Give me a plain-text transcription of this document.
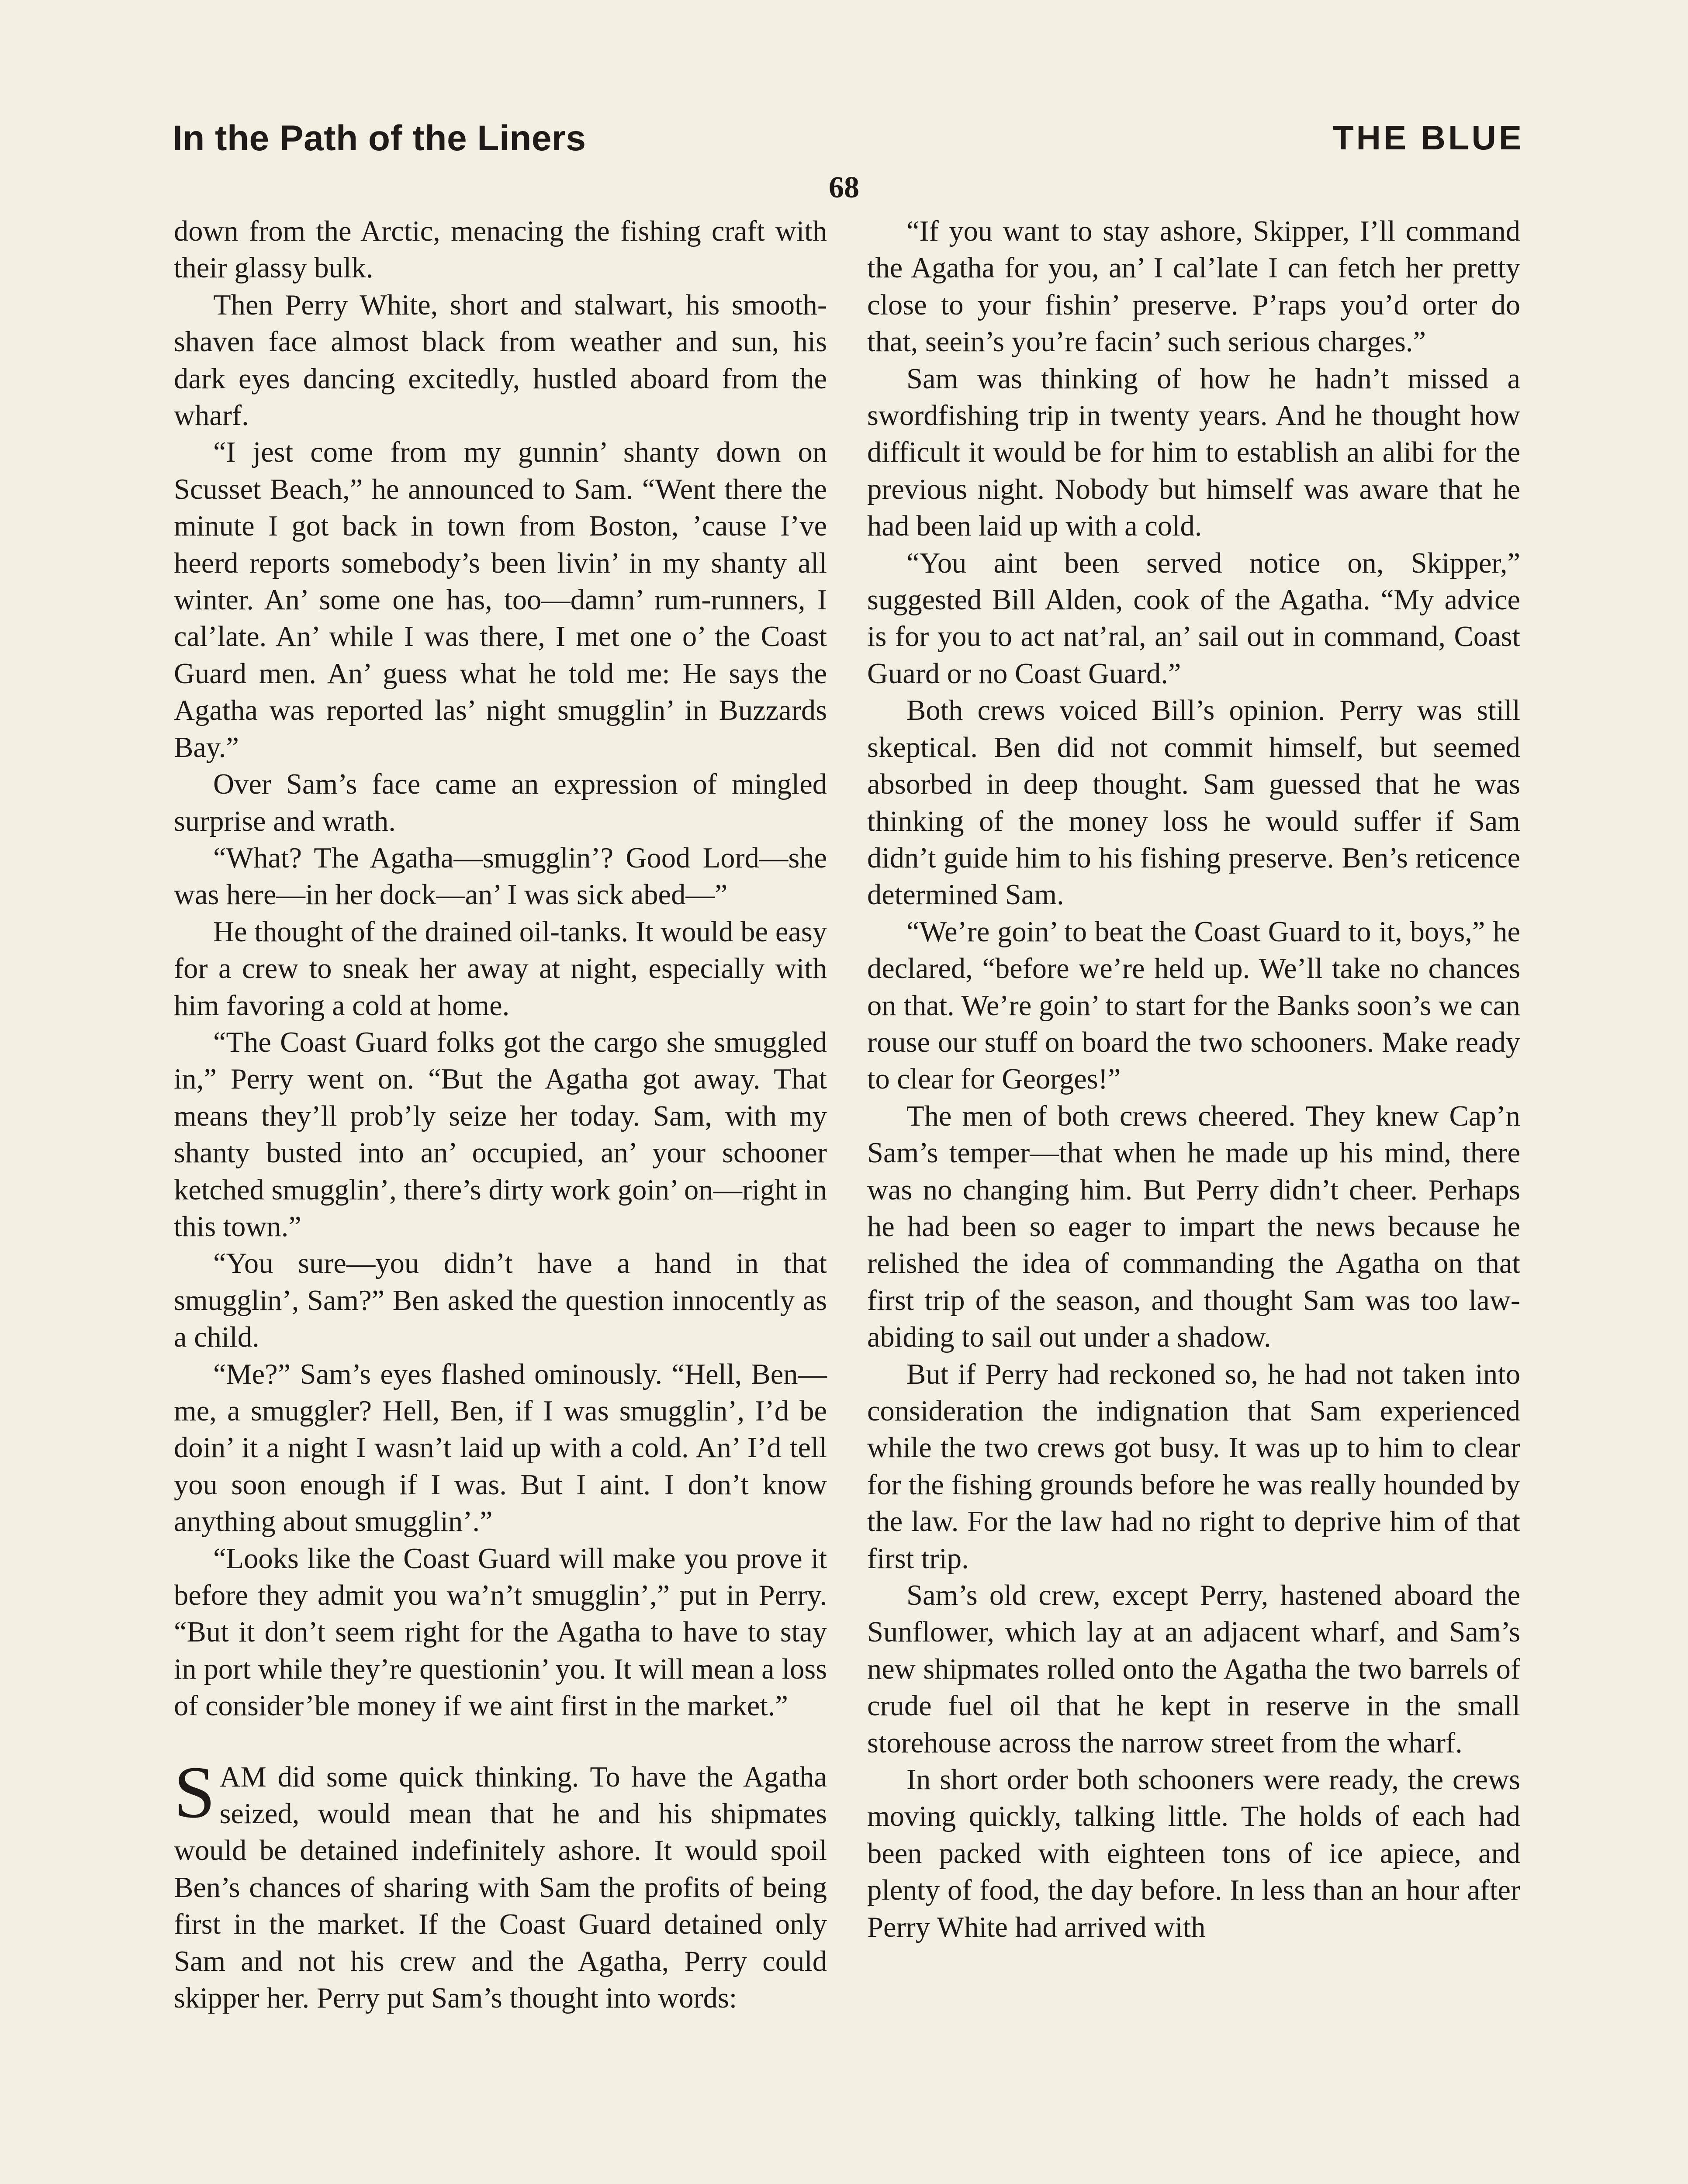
In the Path of the Liners	THE BLUE
68

down from the Arctic, menacing the fishing craft with their glassy bulk.

Then Perry White, short and stalwart, his smooth-shaven face almost black from weather and sun, his dark eyes dancing excitedly, hustled aboard from the wharf.

“I jest come from my gunnin’ shanty down on Scusset Beach,” he announced to Sam. “Went there the minute I got back in town from Boston, ’cause I’ve heerd reports somebody’s been livin’ in my shanty all winter. An’ some one has, too—damn’ rum-runners, I cal’late. An’ while I was there, I met one o’ the Coast Guard men. An’ guess what he told me: He says the Agatha was reported las’ night smugglin’ in Buzzards Bay.”

Over Sam’s face came an expression of mingled surprise and wrath.

“What? The Agatha—smugglin’? Good Lord—she was here—in her dock—an’ I was sick abed—”

He thought of the drained oil-tanks. It would be easy for a crew to sneak her away at night, especially with him favoring a cold at home.

“The Coast Guard folks got the cargo she smuggled in,” Perry went on. “But the Agatha got away. That means they’ll prob’ly seize her today. Sam, with my shanty busted into an’ occupied, an’ your schooner ketched smugglin’, there’s dirty work goin’ on—right in this town.”

“You sure—you didn’t have a hand in that smugglin’, Sam?” Ben asked the question innocently as a child.

“Me?” Sam’s eyes flashed ominously. “Hell, Ben—me, a smuggler? Hell, Ben, if I was smugglin’, I’d be doin’ it a night I wasn’t laid up with a cold. An’ I’d tell you soon enough if I was. But I aint. I don’t know anything about smugglin’.”

“Looks like the Coast Guard will make you prove it before they admit you wa’n’t smugglin’,” put in Perry. “But it don’t seem right for the Agatha to have to stay in port while they’re questionin’ you. It will mean a loss of consider’ble money if we aint first in the market.”

SAM did some quick thinking. To have the Agatha seized, would mean that he and his shipmates would be detained indefinitely ashore. It would spoil Ben’s chances of sharing with Sam the profits of being first in the market. If the Coast Guard detained only Sam and not his crew and the Agatha, Perry could skipper her. Perry put Sam’s thought into words:

“If you want to stay ashore, Skipper, I’ll command the Agatha for you, an’ I cal’late I can fetch her pretty close to your fishin’ preserve. P’raps you’d orter do that, seein’s you’re facin’ such serious charges.”

Sam was thinking of how he hadn’t missed a swordfishing trip in twenty years. And he thought how difficult it would be for him to establish an alibi for the previous night. Nobody but himself was aware that he had been laid up with a cold.

“You aint been served notice on, Skipper,” suggested Bill Alden, cook of the Agatha. “My advice is for you to act nat’ral, an’ sail out in command, Coast Guard or no Coast Guard.”

Both crews voiced Bill’s opinion. Perry was still skeptical. Ben did not commit himself, but seemed absorbed in deep thought. Sam guessed that he was thinking of the money loss he would suffer if Sam didn’t guide him to his fishing preserve. Ben’s reticence determined Sam.

“We’re goin’ to beat the Coast Guard to it, boys,” he declared, “before we’re held up. We’ll take no chances on that. We’re goin’ to start for the Banks soon’s we can rouse our stuff on board the two schooners. Make ready to clear for Georges!”

The men of both crews cheered. They knew Cap’n Sam’s temper—that when he made up his mind, there was no changing him. But Perry didn’t cheer. Perhaps he had been so eager to impart the news because he relished the idea of commanding the Agatha on that first trip of the season, and thought Sam was too law-abiding to sail out under a shadow.

But if Perry had reckoned so, he had not taken into consideration the indignation that Sam experienced while the two crews got busy. It was up to him to clear for the fishing grounds before he was really hounded by the law. For the law had no right to deprive him of that first trip.

Sam’s old crew, except Perry, hastened aboard the Sunflower, which lay at an adjacent wharf, and Sam’s new shipmates rolled onto the Agatha the two barrels of crude fuel oil that he kept in reserve in the small storehouse across the narrow street from the wharf.

In short order both schooners were ready, the crews moving quickly, talking little. The holds of each had been packed with eighteen tons of ice apiece, and plenty of food, the day before. In less than an hour after Perry White had arrived with
